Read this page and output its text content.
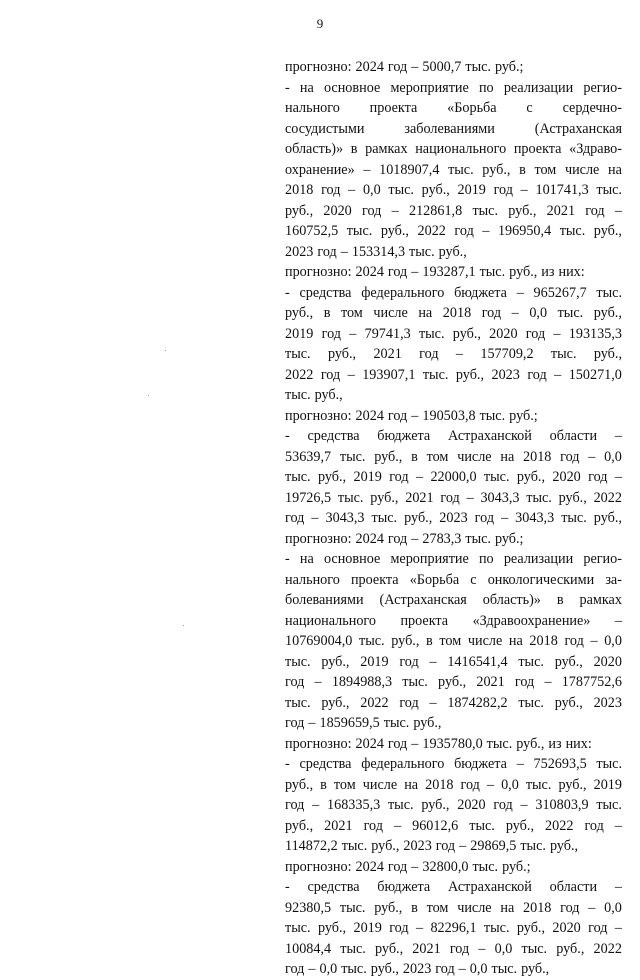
9
прогнозно: 2024 год – 5000,7 тыс. руб.;
- на основное мероприятие по реализации регио-
нального проекта «Борьба с сердечно-
сосудистыми	заболеваниями	(Астраханская
область)» в рамках национального проекта «Здраво-
охранение» – 1018907,4 тыс. руб., в том числе на
2018 год – 0,0 тыс. руб., 2019 год – 101741,3 тыс.
руб., 2020 год – 212861,8 тыс. руб., 2021 год –
160752,5 тыс. руб., 2022 год – 196950,4 тыс. руб.,
2023 год – 153314,3 тыс. руб.,
прогнозно: 2024 год – 193287,1 тыс. руб., из них:
- средства федерального бюджета – 965267,7 тыс.
руб., в том числе на 2018 год – 0,0 тыс. руб.,
2019 год – 79741,3 тыс. руб., 2020 год – 193135,3
тыс. руб., 2021 год – 157709,2 тыс. руб.,
2022 год – 193907,1 тыс. руб., 2023 год – 150271,0
тыс. руб.,
прогнозно: 2024 год – 190503,8 тыс. руб.;
- средства бюджета Астраханской области –
53639,7 тыс. руб., в том числе на 2018 год – 0,0
тыс. руб., 2019 год – 22000,0 тыс. руб., 2020 год –
19726,5 тыс. руб., 2021 год – 3043,3 тыс. руб., 2022
год – 3043,3 тыс. руб., 2023 год – 3043,3 тыс. руб.,
прогнозно: 2024 год – 2783,3 тыс. руб.;
- на основное мероприятие по реализации регио-
нального проекта «Борьба с онкологическими за-
болеваниями (Астраханская область)» в рамках
национального проекта «Здравоохранение» –
10769004,0 тыс. руб., в том числе на 2018 год – 0,0
тыс. руб., 2019 год – 1416541,4 тыс. руб., 2020
год – 1894988,3 тыс. руб., 2021 год – 1787752,6
тыс. руб., 2022 год – 1874282,2 тыс. руб., 2023
год – 1859659,5 тыс. руб.,
прогнозно: 2024 год – 1935780,0 тыс. руб., из них:
- средства федерального бюджета – 752693,5 тыс.
руб., в том числе на 2018 год – 0,0 тыс. руб., 2019
год – 168335,3 тыс. руб., 2020 год – 310803,9 тыс.
руб., 2021 год – 96012,6 тыс. руб., 2022 год –
114872,2 тыс. руб., 2023 год – 29869,5 тыс. руб.,
прогнозно: 2024 год – 32800,0 тыс. руб.;
- средства бюджета Астраханской области –
92380,5 тыс. руб., в том числе на 2018 год – 0,0
тыс. руб., 2019 год – 82296,1 тыс. руб., 2020 год –
10084,4 тыс. руб., 2021 год – 0,0 тыс. руб., 2022
год – 0,0 тыс. руб., 2023 год – 0,0 тыс. руб.,
